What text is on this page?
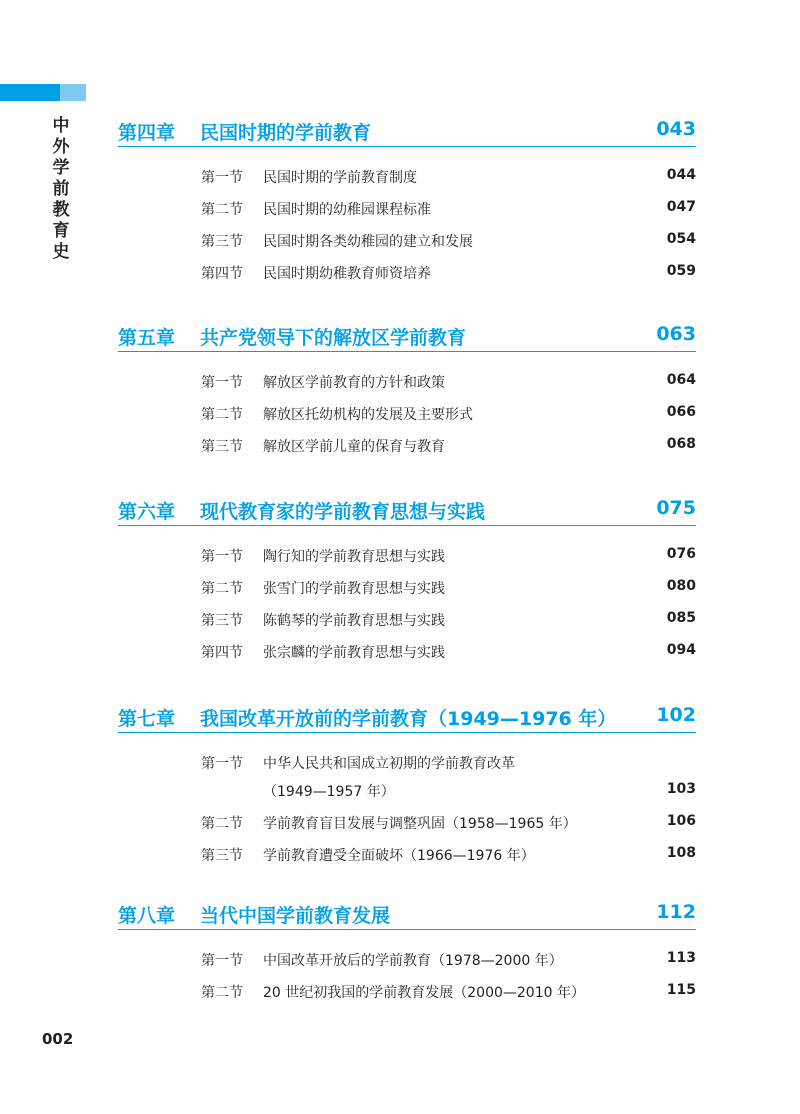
中外学前教育史
第四章 民国时期的学前教育	043
第一节 民国时期的学前教育制度	044
第二节 民国时期的幼稚园课程标准	047
第三节 民国时期各类幼稚园的建立和发展	054
第四节 民国时期幼稚教育师资培养	059
第五章 共产党领导下的解放区学前教育	063
第一节 解放区学前教育的方针和政策	064
第二节 解放区托幼机构的发展及主要形式	066
第三节 解放区学前儿童的保育与教育	068
第六章 现代教育家的学前教育思想与实践	075
第一节 陶行知的学前教育思想与实践	076
第二节 张雪门的学前教育思想与实践	080
第三节 陈鹤琴的学前教育思想与实践	085
第四节 张宗麟的学前教育思想与实践	094
第七章 我国改革开放前的学前教育（1949—1976 年） 102
第一节 中华人民共和国成立初期的学前教育改革
（1949—1957 年）	103
第二节 学前教育盲目发展与调整巩固（1958—1965 年）	106
第三节 学前教育遭受全面破坏（1966—1976 年）	108
第八章 当代中国学前教育发展	112
第一节 中国改革开放后的学前教育（1978—2000 年）	113
第二节 20 世纪初我国的学前教育发展（2000—2010 年）	115
002
